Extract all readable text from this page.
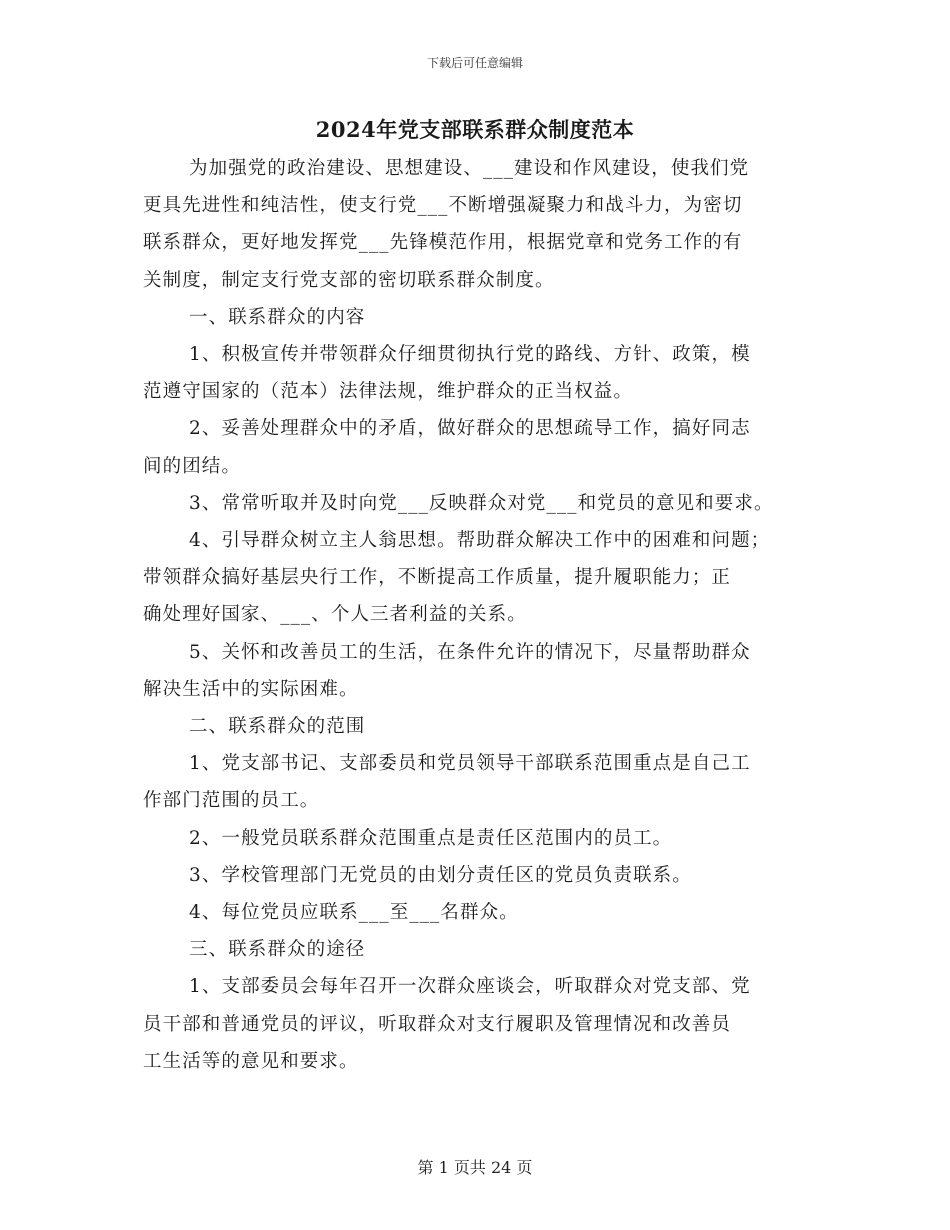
下载后可任意编辑
2024年党支部联系群众制度范本

为加强党的政治建设、思想建设、___建设和作风建设，使我们党
更具先进性和纯洁性，使支行党___不断增强凝聚力和战斗力，为密切
联系群众，更好地发挥党___先锋模范作用，根据党章和党务工作的有
关制度，制定支行党支部的密切联系群众制度。

一、联系群众的内容

1、积极宣传并带领群众仔细贯彻执行党的路线、方针、政策，模
范遵守国家的（范本）法律法规，维护群众的正当权益。

2、妥善处理群众中的矛盾，做好群众的思想疏导工作，搞好同志
间的团结。

3、常常听取并及时向党___反映群众对党___和党员的意见和要求。

4、引导群众树立主人翁思想。帮助群众解决工作中的困难和问题；
带领群众搞好基层央行工作，不断提高工作质量，提升履职能力；正
确处理好国家、___、个人三者利益的关系。

5、关怀和改善员工的生活，在条件允许的情况下，尽量帮助群众
解决生活中的实际困难。

二、联系群众的范围

1、党支部书记、支部委员和党员领导干部联系范围重点是自己工
作部门范围的员工。

2、一般党员联系群众范围重点是责任区范围内的员工。

3、学校管理部门无党员的由划分责任区的党员负责联系。

4、每位党员应联系___至___名群众。

三、联系群众的途径

1、支部委员会每年召开一次群众座谈会，听取群众对党支部、党
员干部和普通党员的评议，听取群众对支行履职及管理情况和改善员
工生活等的意见和要求。

第 1 页共 24 页
